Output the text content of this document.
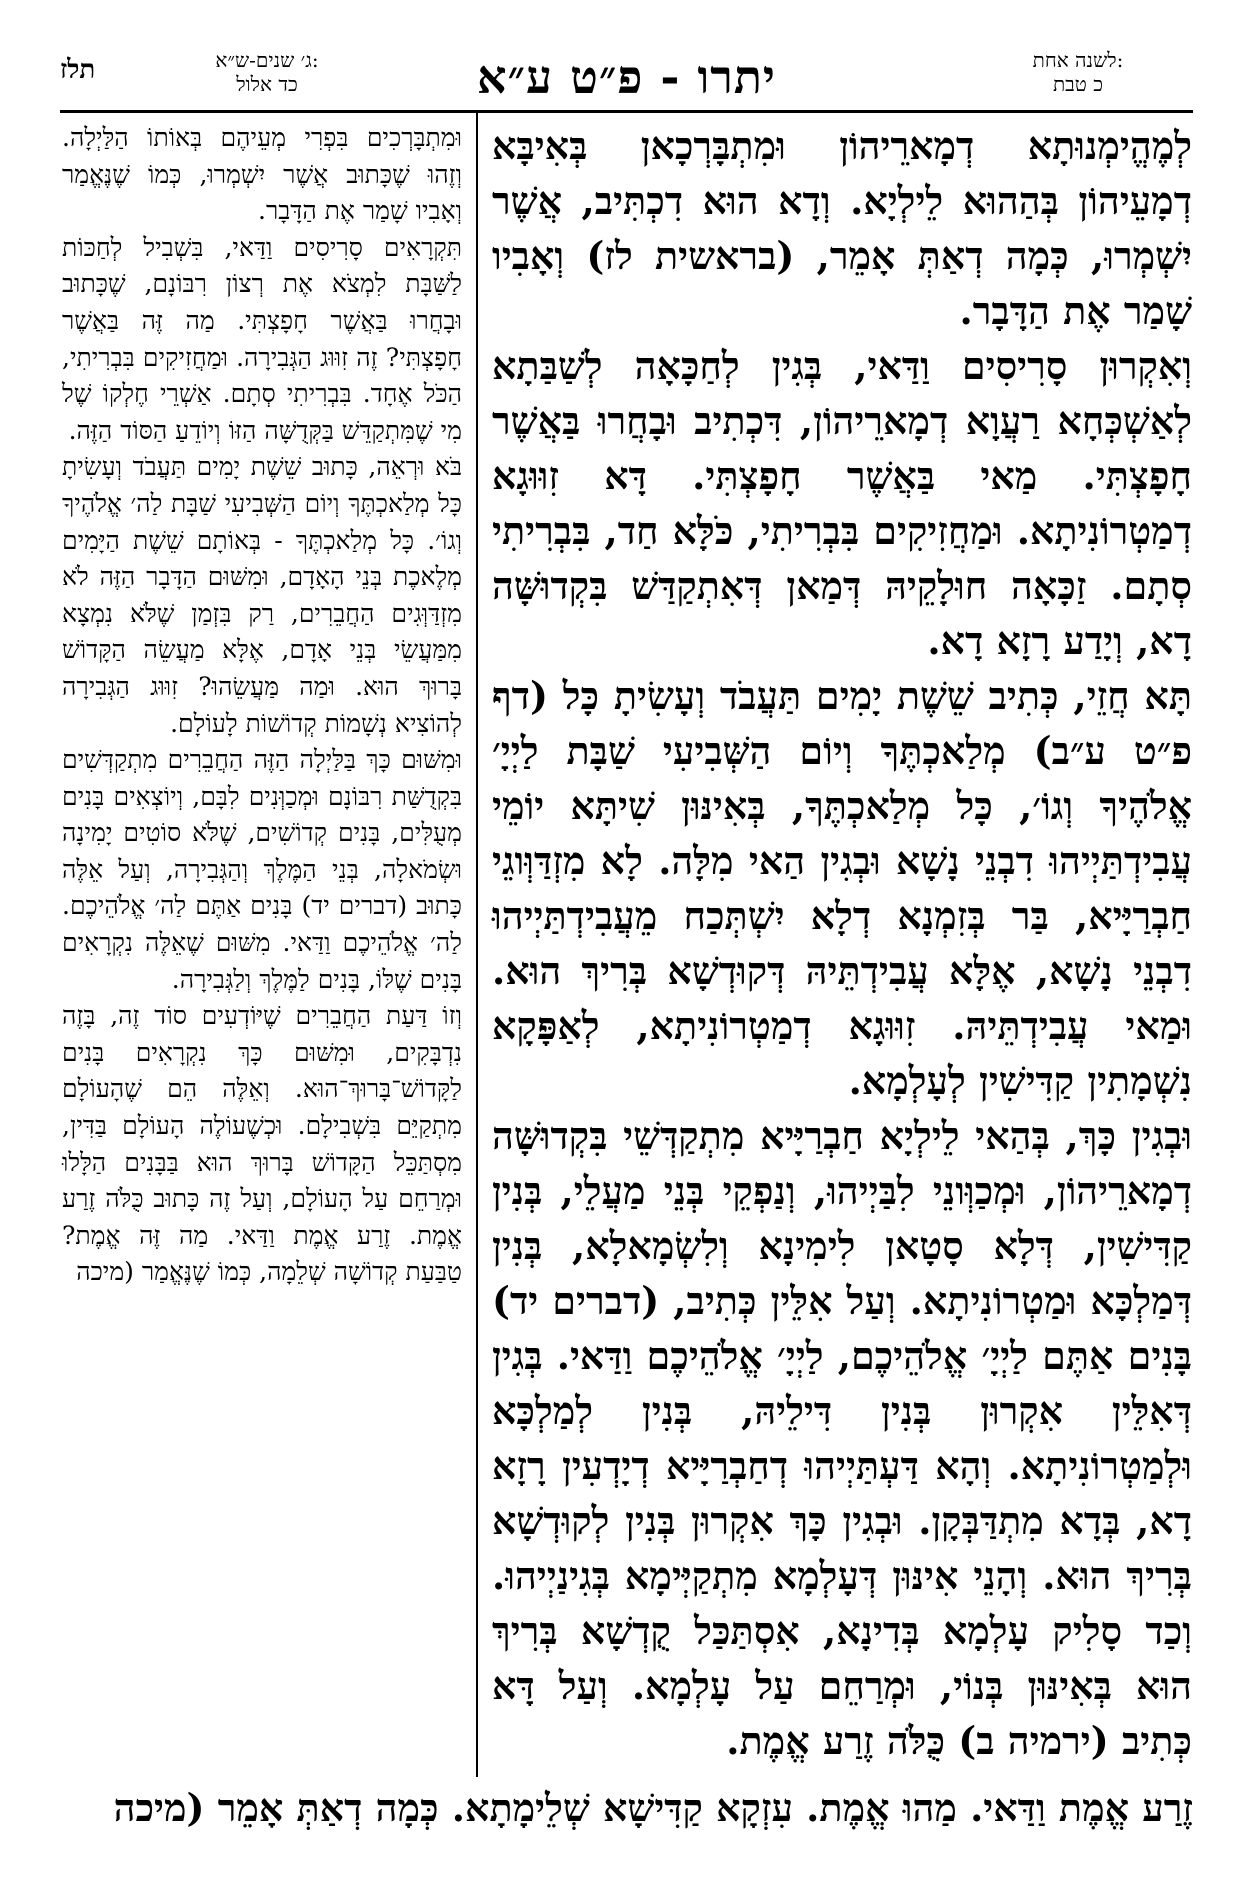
תלז	ג׳ שנים-ש״א:
כד אלול	יתרו - פ״ט ע״א	לשנה אחת:
כ טבת

לְמֶהֱימְנוּתָא דְמָארֵיהוֹן וּמִתְבָּרְכָאן בְּאִיבָּא דְמָעֵיהוֹן בְּהַהוּא לֵילְיָא. וְדָא הוּא דִכְתִּיב, אֲשֶׁר יִשְׁמְרוּ, כְּמָה דְאַתְּ אָמֵר, (בראשית לז) וְאָבִיו שָׁמַר אֶת הַדָּבָר.

וְאִקְרוּן סָרִיסִים וַדַּאי, בְּגִין לְחַכָּאָה לְשַׁבַּתָא לְאַשְׁכְּחָא רַעֲוָא דְמָארֵיהוֹן, דִּכְתִיב וּבָחֲרוּ בַּאֲשֶׁר חָפָצְתִּי. מַאי בַּאֲשֶׁר חָפָצְתִּי. דָּא זִוּוּגָא דְמַטְרוֹנִיתָא. וּמַחֲזִיקִים בִּבְרִיתִי, כֹּלָּא חַד, בִּבְרִיתִי סְתָם. זַכָּאָה חוּלָקֵיהּ דְּמַאן דְּאִתְקַדַּשׁ בִּקְדוּשָּׁה דָא, וְיָדַע רָזָא דָא.

תָּא חֲזֵי, כְּתִיב שֵׁשֶׁת יָמִים תַּעֲבֹד וְעָשִׂיתָ כָּל (דף פ״ט ע״ב) מְלַאכְתֶּךָ וְיוֹם הַשְּׁבִיעִי שַׁבָּת לַיְיָ׳ אֱלֹהֶיךָ וְגוֹ׳, כָּל מְלַאכְתֶּךָ, בְּאִינּוּן שִׁיתָּא יוֹמֵי עֲבִידְתַּיְיהוּ דִבְנֵי נָשָׁא וּבְגִין הַאי מִלָּה. לָא מִזְדַּוְּוגֵי חַבְרַיָּיא, בַּר בְּזִמְנָא דְלָא יִשְׁתְּכַח מֵעֲבִידְתַּיְיהוּ דִבְנֵי נָשָׁא, אֶלָּא עֲבִידְתֵּיהּ דְּקוּדְשָׁא בְּרִיךְ הוּא. וּמַאי עֲבִידְתֵּיהּ. זִוּוּגָא דְמַטְרוֹנִיתָא, לְאַפָּקָא נִשְׁמָתִין קַדִּישִׁין לְעָלְמָא.

וּבְגִין כָּךְ, בְּהַאי לֵילְיָא חַבְרַיָּיא מִתְקַדְּשֵׁי בִּקְדוּשָּׁה דְמָארֵיהוֹן, וּמְכַוְּונֵי לִבַּיְיהוּ, וְנַפְקֵי בְּנֵי מַעֲלֵי, בְּנִין קַדִּישִׁין, דְּלָא סָטָאן לִימִינָא וְלִשְׂמָאלָא, בְּנִין דְּמַלְכָּא וּמַטְרוֹנִיתָא. וְעַל אִלֵּין כְּתִיב, (דברים יד) בָּנִים אַתֶּם לַיְיָ׳ אֱלֹהֵיכֶם, לַיְיָ׳ אֱלֹהֵיכֶם וַדַּאי. בְּגִין דְּאִלֵּין אִקְרוּן בְּנִין דִּילֵיהּ, בְּנִין לְמַלְכָּא וּלְמַטְרוֹנִיתָא. וְהָא דַּעְתַּיְיהוּ דְחַבְרַיָּיא דְיָדְעִין רָזָא דָא, בְּדָא מִתְדַּבְּקָן. וּבְגִין כָּךְ אִקְרוּן בְּנִין לְקוּדְשָׁא בְּרִיךְ הוּא. וְהָנֵי אִינּוּן דְּעָלְמָא מִתְקַיְּימָא בְּגִינַיְיהוּ. וְכַד סָלִיק עָלְמָא בְּדִינָא, אִסְתַּכַּל קֻדְשָׁא בְּרִיךְ הוּא בְּאִינּוּן בְּנוֹי, וּמְרַחֵם עַל עָלְמָא. וְעַל דָּא כְּתִיב (ירמיה ב) כֻּלֹּה זֶרַע אֱמֶת.

וּמִתְבָּרְכִים בִּפְרִי מְעֵיהֶם בְּאוֹתוֹ הַלַּיְלָה. וְזֶהוּ שֶׁכָּתוּב אֲשֶׁר יִשְׁמְרוּ, כְּמוֹ שֶׁנֶּאֱמַר וְאָבִיו שָׁמַר אֶת הַדָּבָר.

תִּקְרָאִים סָרִיסִים וַדַּאי, בִּשְׁבִיל לְחַכּוֹת לַשַּׁבָּת לִמְצֹא אֶת רְצוֹן רִבּוֹנָם, שֶׁכָּתוּב וּבָחֲרוּ בַּאֲשֶׁר חָפָצְתִּי. מַה זֶּה בַּאֲשֶׁר חָפָצְתִּי? זֶה זִוּוּג הַגְּבִירָה. וּמַחֲזִיקִים בִּבְרִיתִי, הַכֹּל אֶחָד. בִּבְרִיתִי סְתָם. אַשְׁרֵי חֶלְקוֹ שֶׁל מִי שֶׁמִּתְקַדֵּשׁ בַּקְּדֻשָּׁה הַזּוֹ וְיוֹדֵעַ הַסּוֹד הַזֶּה.

בֹּא וּרְאֵה, כָּתוּב שֵׁשֶׁת יָמִים תַּעֲבֹד וְעָשִׂיתָ כָּל מְלַאכְתֶּךָ וְיוֹם הַשְּׁבִיעִי שַׁבָּת לַה׳ אֱלֹהֶיךָ וְגוֹ׳. כָּל מְלַאכְתֶּךָ - בְּאוֹתָם שֵׁשֶׁת הַיָּמִים מְלֶאכֶת בְּנֵי הָאָדָם, וּמִשּׁוּם הַדָּבָר הַזֶּה לֹא מִזְדַּוְּגִים הַחֲבֵרִים, רַק בִּזְמַן שֶׁלֹּא נִמְצָא מִמַּעֲשֵׂי בְּנֵי אָדָם, אֶלָּא מַעֲשֵׂה הַקָּדוֹשׁ בָּרוּךְ הוּא. וּמַה מַּעֲשֵׂהוּ? זִוּוּג הַגְּבִירָה לְהוֹצִיא נְשָׁמוֹת קְדוֹשׁוֹת לָעוֹלָם.

וּמִשּׁוּם כָּךְ בַּלַּיְלָה הַזֶּה הַחֲבֵרִים מִתְקַדְּשִׁים בִּקְדֻשַּׁת רִבּוֹנָם וּמְכַוְּנִים לִבָּם, וְיוֹצְאִים בָּנִים מְעֻלִּים, בָּנִים קְדוֹשִׁים, שֶׁלֹּא סוֹטִים יָמִינָה וּשְׂמֹאלָה, בְּנֵי הַמֶּלֶךְ וְהַגְּבִירָה, וְעַל אֵלֶּה כָּתוּב (דברים יד) בָּנִים אַתֶּם לַה׳ אֱלֹהֵיכֶם. לַה׳ אֱלֹהֵיכֶם וַדַּאי. מִשּׁוּם שֶׁאֵלֶּה נִקְרָאִים בָּנִים שֶׁלּוֹ, בָּנִים לַמֶּלֶךְ וְלַגְּבִירָה.

וְזוֹ דַּעַת הַחֲבֵרִים שֶׁיּוֹדְעִים סוֹד זֶה, בָּזֶה נִדְבָּקִים, וּמִשּׁוּם כָּךְ נִקְרָאִים בָּנִים לַקָּדוֹשׁ־בָּרוּךְ־הוּא. וְאֵלֶּה הֵם שֶׁהָעוֹלָם מִתְקַיֵּם בִּשְׁבִילָם. וּכְשֶׁעוֹלֶה הָעוֹלָם בַּדִּין, מִסְתַּכֵּל הַקָּדוֹשׁ בָּרוּךְ הוּא בַּבָּנִים הַלָּלוּ וּמְרַחֵם עַל הָעוֹלָם, וְעַל זֶה כָּתוּב כֻּלֹּה זֶרַע אֱמֶת. זֶרַע אֱמֶת וַדַּאי. מַה זֶּה אֱמֶת? טַבַּעַת קְדוֹשָׁה שְׁלֵמָה, כְּמוֹ שֶׁנֶּאֱמַר (מיכה

זֶרַע אֱמֶת וַדַּאי. מַהוּ אֱמֶת. עִזְקָא קַדִּישָׁא שְׁלֵימָתָא. כְּמָה דְאַתְּ אָמֵר (מיכה
